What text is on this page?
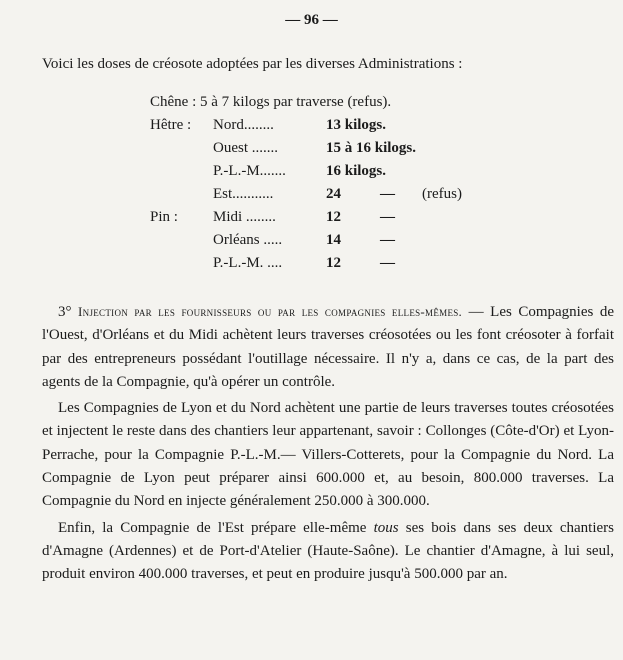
— 96 —
Voici les doses de créosote adoptées par les diverses Administrations :
Chêne : 5 à 7 kilogs par traverse (refus).
Hêtre : Nord........	13 kilogs.
Ouest .......	15 à 16 kilogs.
P.-L.-M.......	16 kilogs.
Est...........	24	— (refus)
Pin : Midi ........	12	—
Orléans .....	14	—
P.-L.-M. ....	12	—

3° Injection par les fournisseurs ou par les compagnies elles-mêmes. — Les Compagnies de l'Ouest, d'Orléans et du Midi achètent leurs traverses créosotées ou les font créosoter à forfait par des entrepreneurs possédant l'outillage nécessaire. Il n'y a, dans ce cas, de la part des agents de la Compagnie, qu'à opérer un contrôle.

Les Compagnies de Lyon et du Nord achètent une partie de leurs traverses toutes créosotées et injectent le reste dans des chantiers leur appartenant, savoir : Collonges (Côte-d'Or) et Lyon-Perrache, pour la Compagnie P.-L.-M.— Villers-Cotterets, pour la Compagnie du Nord. La Compagnie de Lyon peut préparer ainsi 600.000 et, au besoin, 800.000 traverses. La Compagnie du Nord en injecte généralement 250.000 à 300.000.

Enfin, la Compagnie de l'Est prépare elle-même tous ses bois dans ses deux chantiers d'Amagne (Ardennes) et de Port-d'Atelier (Haute-Saône). Le chantier d'Amagne, à lui seul, produit environ 400.000 traverses, et peut en produire jusqu'à 500.000 par an.
